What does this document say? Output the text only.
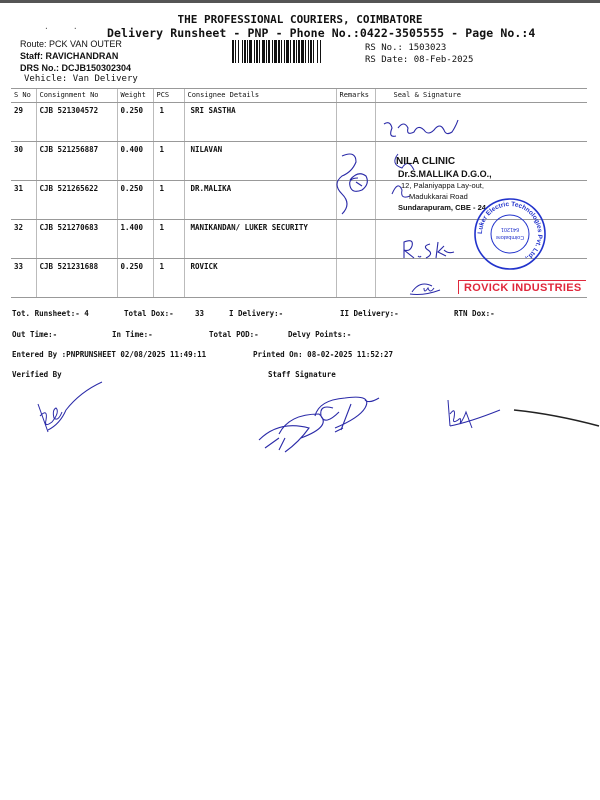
·     ·
THE PROFESSIONAL COURIERS, COIMBATORE
Delivery Runsheet - PNP - Phone No.:0422-3505555 - Page No.:4
Route: PCK VAN OUTER
Staff: RAVICHANDRAN
DRS No.: DCJB150302304
Vehicle: Van Delivery
RS No.: 1503023
RS Date: 08-Feb-2025
S No	Consignment No	Weight	PCS	Consignee Details	Remarks	Seal & Signature
29	CJB 521304572	0.250	1	SRI SASTHA		
30	CJB 521256887	0.400	1	NILAVAN		
31	CJB 521265622	0.250	1	DR.MALIKA		
32	CJB 521270683	1.400	1	MANIKANDAN/ LUKER SECURITY		
33	CJB 521231688	0.250	1	ROVICK		
NILA CLINIC
Dr.S.MALLIKA D.G.O.,
12, Palaniyappa Lay-out,
Madukkarai Road
Sundarapuram, CBE - 24
Luker Electric Technologies Pvt. Ltd.,
Coimbatore
641201
ROVICK INDUSTRIES
Tot. Runsheet:- 4	Total Dox:-	33	I Delivery:-	II Delivery:-	RTN Dox:-
Out Time:-	In Time:-	Total POD:-	Delvy Points:-
Entered By :PNPRUNSHEET 02/08/2025 11:49:11	Printed On: 08-02-2025 11:52:27
Verified By	Staff Signature
